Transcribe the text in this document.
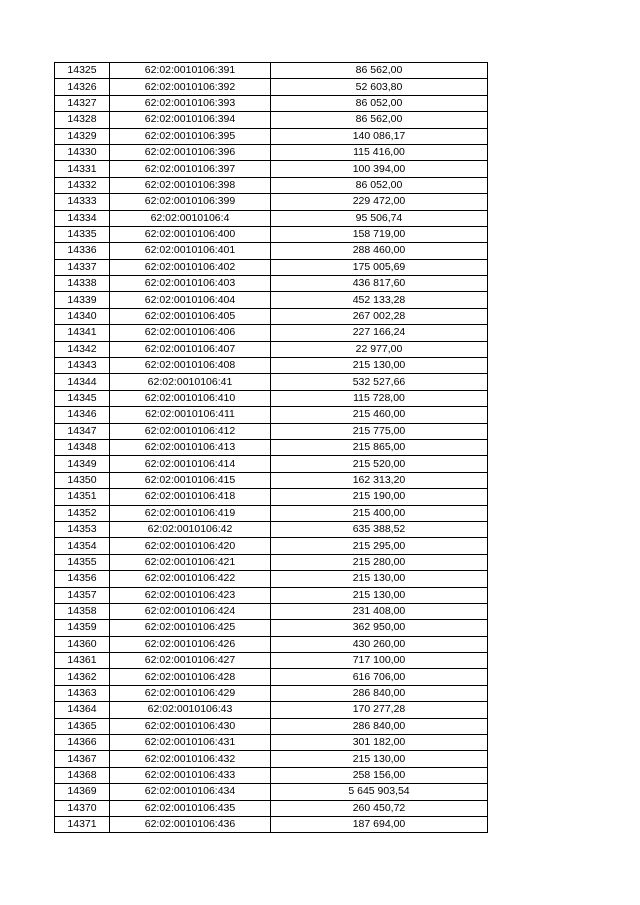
14325	62:02:0010106:391	86 562,00
14326	62:02:0010106:392	52 603,80
14327	62:02:0010106:393	86 052,00
14328	62:02:0010106:394	86 562,00
14329	62:02:0010106:395	140 086,17
14330	62:02:0010106:396	115 416,00
14331	62:02:0010106:397	100 394,00
14332	62:02:0010106:398	86 052,00
14333	62:02:0010106:399	229 472,00
14334	62:02:0010106:4	95 506,74
14335	62:02:0010106:400	158 719,00
14336	62:02:0010106:401	288 460,00
14337	62:02:0010106:402	175 005,69
14338	62:02:0010106:403	436 817,60
14339	62:02:0010106:404	452 133,28
14340	62:02:0010106:405	267 002,28
14341	62:02:0010106:406	227 166,24
14342	62:02:0010106:407	22 977,00
14343	62:02:0010106:408	215 130,00
14344	62:02:0010106:41	532 527,66
14345	62:02:0010106:410	115 728,00
14346	62:02:0010106:411	215 460,00
14347	62:02:0010106:412	215 775,00
14348	62:02:0010106:413	215 865,00
14349	62:02:0010106:414	215 520,00
14350	62:02:0010106:415	162 313,20
14351	62:02:0010106:418	215 190,00
14352	62:02:0010106:419	215 400,00
14353	62:02:0010106:42	635 388,52
14354	62:02:0010106:420	215 295,00
14355	62:02:0010106:421	215 280,00
14356	62:02:0010106:422	215 130,00
14357	62:02:0010106:423	215 130,00
14358	62:02:0010106:424	231 408,00
14359	62:02:0010106:425	362 950,00
14360	62:02:0010106:426	430 260,00
14361	62:02:0010106:427	717 100,00
14362	62:02:0010106:428	616 706,00
14363	62:02:0010106:429	286 840,00
14364	62:02:0010106:43	170 277,28
14365	62:02:0010106:430	286 840,00
14366	62:02:0010106:431	301 182,00
14367	62:02:0010106:432	215 130,00
14368	62:02:0010106:433	258 156,00
14369	62:02:0010106:434	5 645 903,54
14370	62:02:0010106:435	260 450,72
14371	62:02:0010106:436	187 694,00
